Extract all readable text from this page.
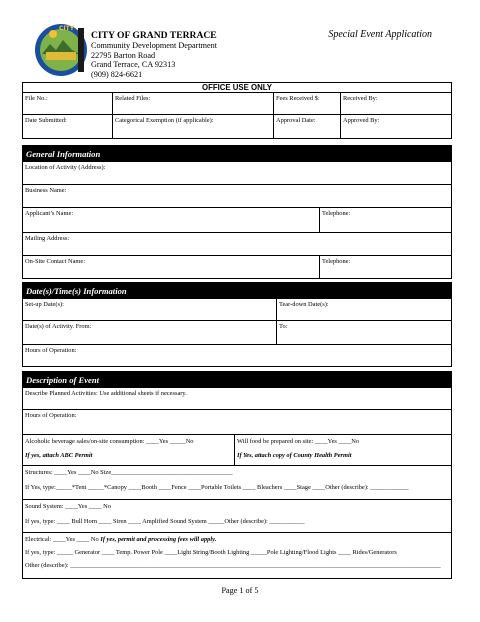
CITY
CITY OF GRAND TERRACE
Community Development Department
22795 Barton Road
Grand Terrace, CA 92313
(909) 824-6621
Special Event Application
OFFICE USE ONLY
File No.:	Related Files:	Fees Received $:	Received By:
Date Submitted:	Categorical Exemption (if applicable):	Approval Date:	Approved By:
General Information
Location of Activity (Address):
Business Name:
Applicant’s Name:	Telephone:
Mailing Address:
On-Site Contact Name:	Telephone:
Date(s)/Time(s) Information
Set-up Date(s):	Tear-down Date(s):
Date(s) of Activity. From:	To:
Hours of Operation:
Description of Event
Describe Planned Activities: Use additional sheets if necessary.
Hours of Operation:
Alcoholic beverage sales/on-site consumption: ____Yes _____No
If yes, attach ABC Permit
Will food be prepared on site: ____Yes ____No
If Yes, attach copy of County Health Permit
Structures: ____Yes ____No Size______________________________________
If Yes, type:_____*Tent _____*Canopy ____Booth ____Fence ____Portable Toilets ____ Bleachers ____Stage ____Other (describe): ____________
Sound System: ____Yes ____ No
If yes, type: ____ Bull Horn ____ Siren ____ Amplified Sound System _____Other (describe): ___________
Electrical: ____Yes ____ No If yes, permit and processing fees will apply.
If yes, type: _____ Generator ____ Temp. Power Pole ____Light String/Booth Lighting _____Pole Lighting/Flood Lights ____ Rides/Generators
Other (describe): ____________________________________________________________________________________________________________________
Page 1 of 5
